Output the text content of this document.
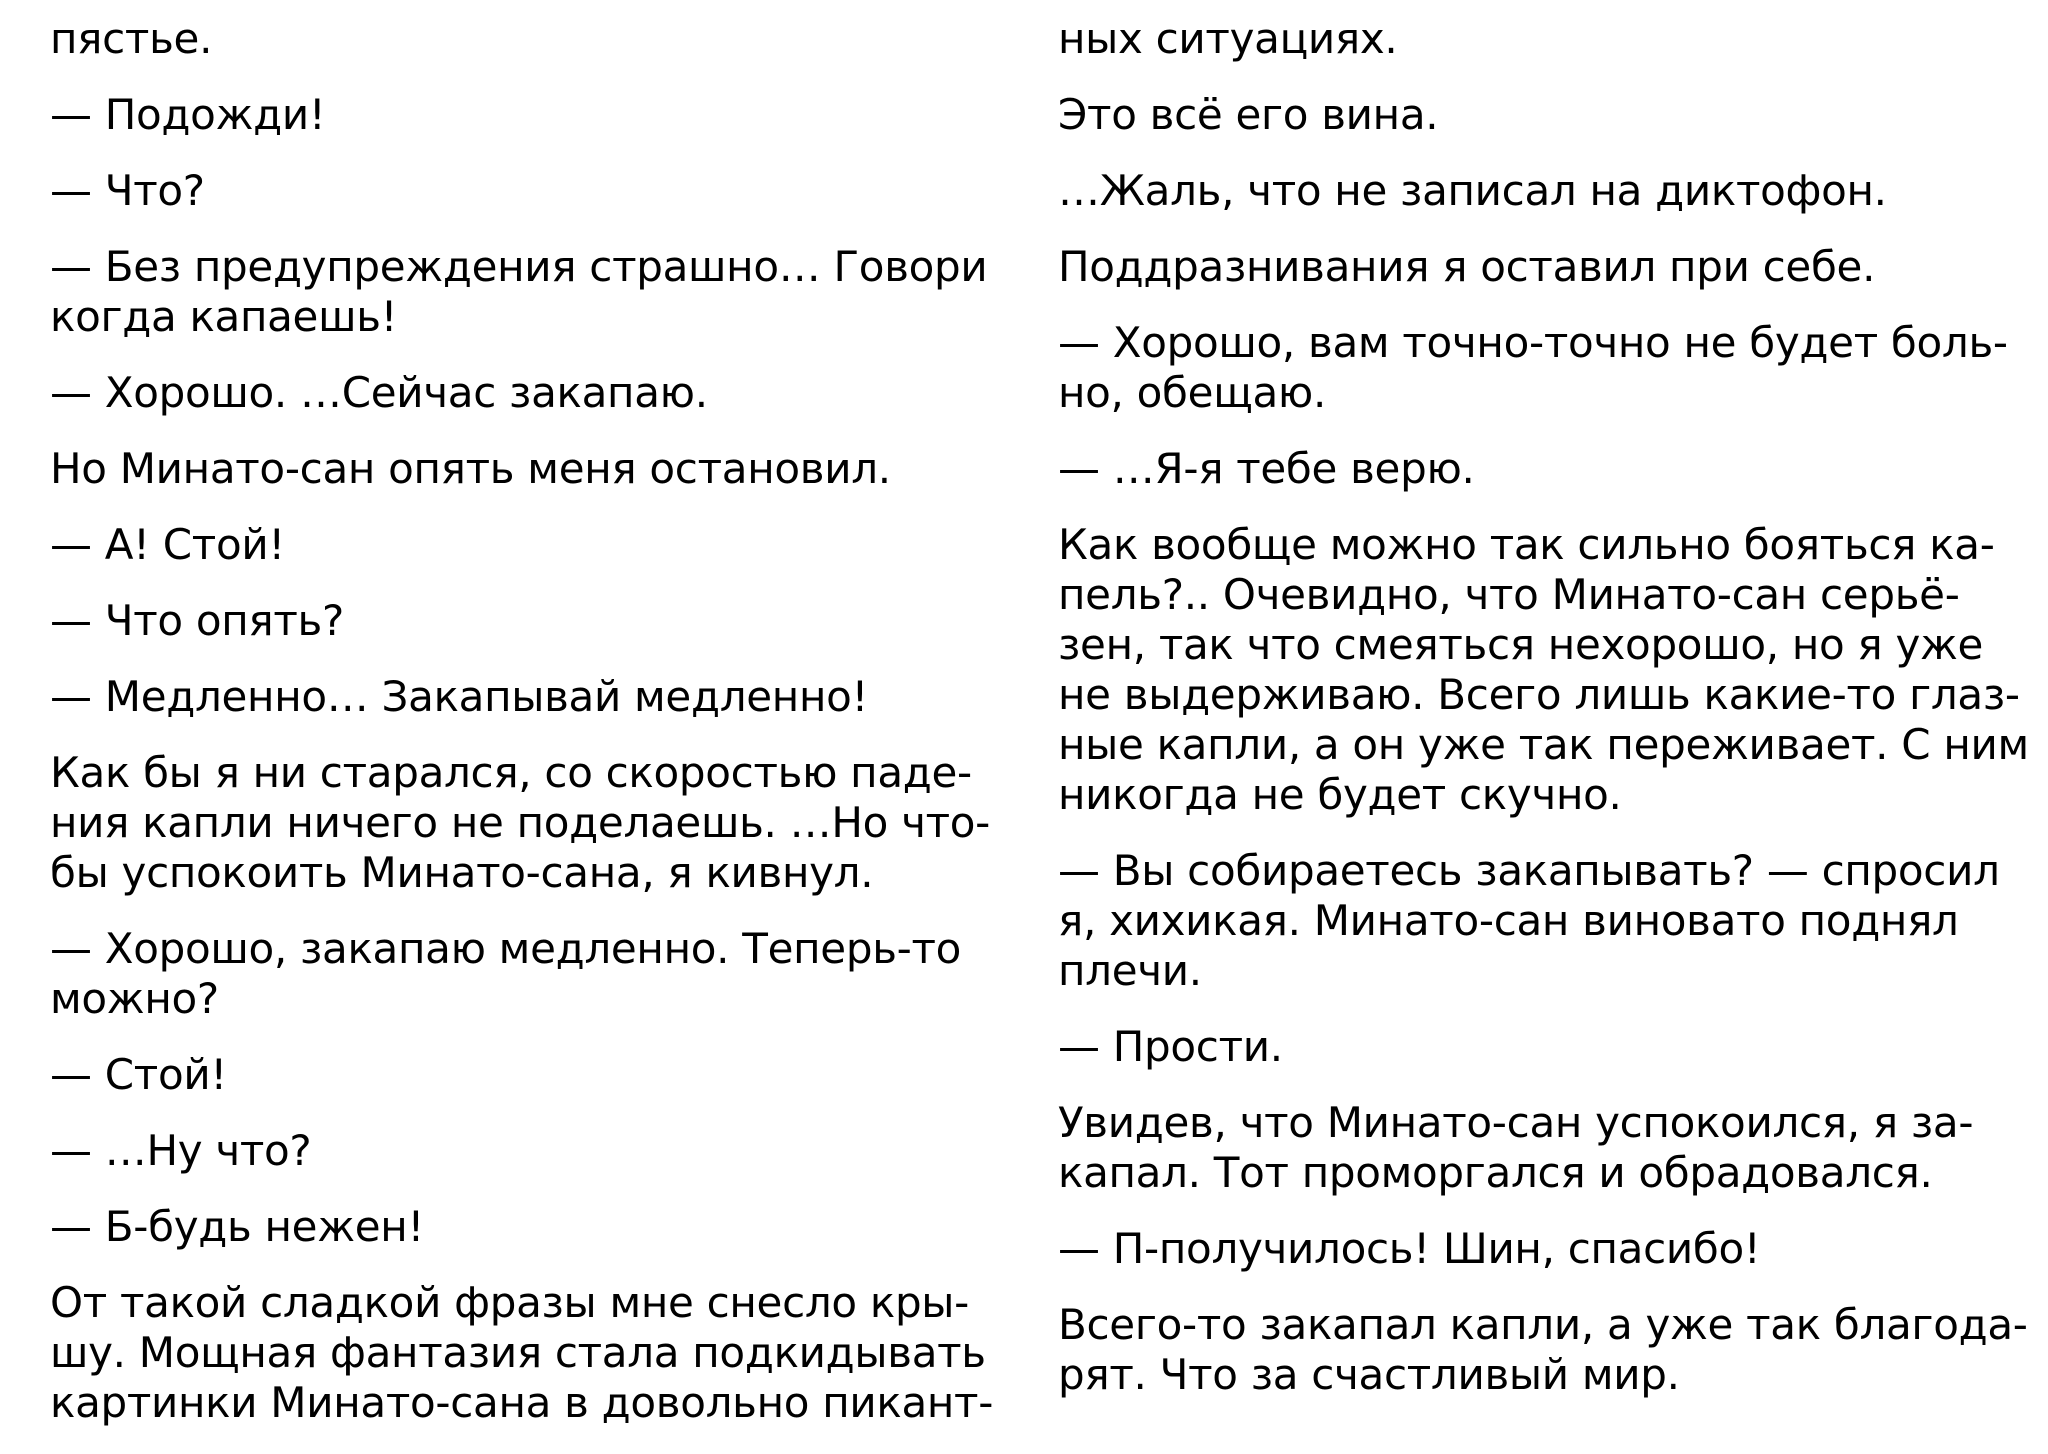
пястье.

— Подожди!

— Что?

— Без предупреждения страшно… Говори
когда капаешь!

— Хорошо. …Сейчас закапаю.

Но Минато-сан опять меня остановил.

— А! Стой!

— Что опять?

— Медленно… Закапывай медленно!

Как бы я ни старался, со скоростью паде-
ния капли ничего не поделаешь. …Но что-
бы успокоить Минато-сана, я кивнул.

— Хорошо, закапаю медленно. Теперь-то
можно?

— Стой!

— …Ну что?

— Б-будь нежен!

От такой сладкой фразы мне снесло кры-
шу. Мощная фантазия стала подкидывать
картинки Минато-сана в довольно пикант-

ных ситуациях.

Это всё его вина.

…Жаль, что не записал на диктофон.

Поддразнивания я оставил при себе.

— Хорошо, вам точно-точно не будет боль-
но, обещаю.

— …Я-я тебе верю.

Как вообще можно так сильно бояться ка-
пель?.. Очевидно, что Минато-сан серьё-
зен, так что смеяться нехорошо, но я уже
не выдерживаю. Всего лишь какие-то глаз-
ные капли, а он уже так переживает. С ним
никогда не будет скучно.

— Вы собираетесь закапывать? — спросил
я, хихикая. Минато-сан виновато поднял
плечи.

— Прости.

Увидев, что Минато-сан успокоился, я за-
капал. Тот проморгался и обрадовался.

— П-получилось! Шин, спасибо!

Всего-то закапал капли, а уже так благода-
рят. Что за счастливый мир.
